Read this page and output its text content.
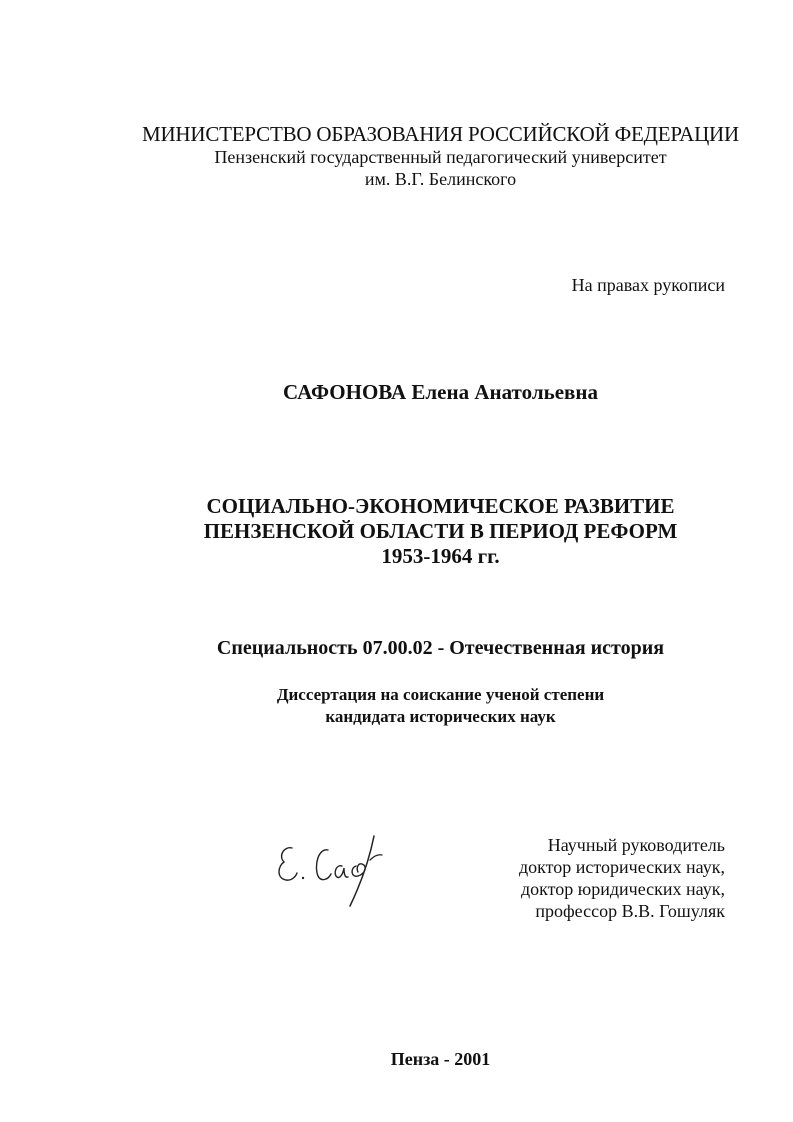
МИНИСТЕРСТВО ОБРАЗОВАНИЯ РОССИЙСКОЙ ФЕДЕРАЦИИ
Пензенский государственный педагогический университет
им. В.Г. Белинского
На правах рукописи
САФОНОВА Елена Анатольевна
СОЦИАЛЬНО-ЭКОНОМИЧЕСКОЕ РАЗВИТИЕ
ПЕНЗЕНСКОЙ ОБЛАСТИ В ПЕРИОД РЕФОРМ
1953-1964 гг.
Специальность 07.00.02 - Отечественная история
Диссертация на соискание ученой степени
кандидата исторических наук
Научный руководитель
доктор исторических наук,
доктор юридических наук,
профессор В.В. Гошуляк
Пенза - 2001
